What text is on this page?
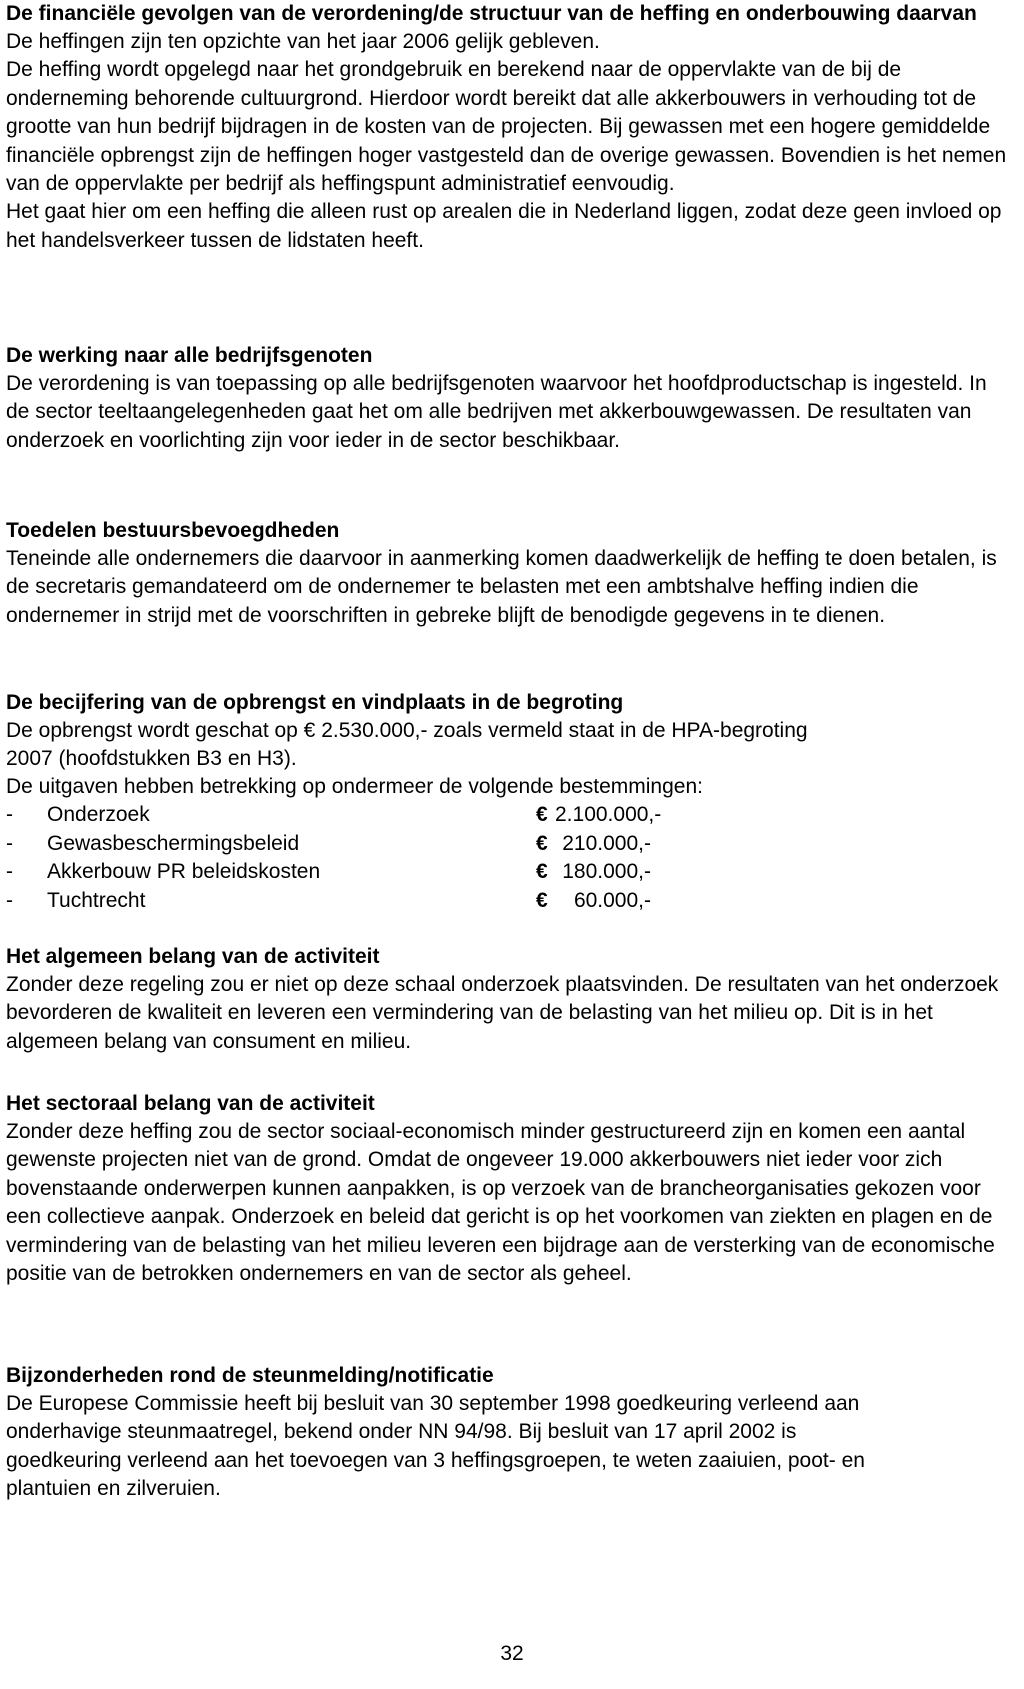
De financiële gevolgen van de verordening/de structuur van de heffing en onderbouwing daarvan

De heffingen zijn ten opzichte van het jaar 2006 gelijk gebleven.
De heffing wordt opgelegd naar het grondgebruik en berekend naar de oppervlakte van de bij de onderneming behorende cultuurgrond. Hierdoor wordt bereikt dat alle akkerbouwers in verhouding tot de grootte van hun bedrijf bijdragen in de kosten van de projecten. Bij gewassen met een hogere gemiddelde financiële opbrengst zijn de heffingen hoger vastgesteld dan de overige gewassen. Bovendien is het nemen van de oppervlakte per bedrijf als heffingspunt administratief eenvoudig.
Het gaat hier om een heffing die alleen rust op arealen die in Nederland liggen, zodat deze geen invloed op het handelsverkeer tussen de lidstaten heeft.

De werking naar alle bedrijfsgenoten

De verordening is van toepassing op alle bedrijfsgenoten waarvoor het hoofdproductschap is ingesteld. In de sector teeltaangelegenheden gaat het om alle bedrijven met akkerbouwgewassen. De resultaten van onderzoek en voorlichting zijn voor ieder in de sector beschikbaar.

Toedelen bestuursbevoegdheden

Teneinde alle ondernemers die daarvoor in aanmerking komen daadwerkelijk de heffing te doen betalen, is de secretaris gemandateerd om de ondernemer te belasten met een ambtshalve heffing indien die ondernemer in strijd met de voorschriften in gebreke blijft de benodigde gegevens in te dienen.

De becijfering van de opbrengst en vindplaats in de begroting

De opbrengst wordt geschat op € 2.530.000,- zoals vermeld staat in de HPA-begroting 2007 (hoofdstukken B3 en H3).
De uitgaven hebben betrekking op ondermeer de volgende bestemmingen:

- Onderzoek	€ 2.100.000,-
- Gewasbeschermingsbeleid	€ 210.000,-
- Akkerbouw PR beleidskosten	€ 180.000,-
- Tuchtrecht	€	60.000,-
Het algemeen belang van de activiteit

Zonder deze regeling zou er niet op deze schaal onderzoek plaatsvinden. De resultaten van het onderzoek bevorderen de kwaliteit en leveren een vermindering van de belasting van het milieu op. Dit is in het algemeen belang van consument en milieu.

Het sectoraal belang van de activiteit

Zonder deze heffing zou de sector sociaal-economisch minder gestructureerd zijn en komen een aantal gewenste projecten niet van de grond. Omdat de ongeveer 19.000 akkerbouwers niet ieder voor zich bovenstaande onderwerpen kunnen aanpakken, is op verzoek van de brancheorganisaties gekozen voor een collectieve aanpak. Onderzoek en beleid dat gericht is op het voorkomen van ziekten en plagen en de vermindering van de belasting van het milieu leveren een bijdrage aan de versterking van de economische positie van de betrokken ondernemers en van de sector als geheel.

Bijzonderheden rond de steunmelding/notificatie

De Europese Commissie heeft bij besluit van 30 september 1998 goedkeuring verleend aan onderhavige steunmaatregel, bekend onder NN 94/98. Bij besluit van 17 april 2002 is goedkeuring verleend aan het toevoegen van 3 heffingsgroepen, te weten zaaiuien, poot- en plantuien en zilveruien.

32
